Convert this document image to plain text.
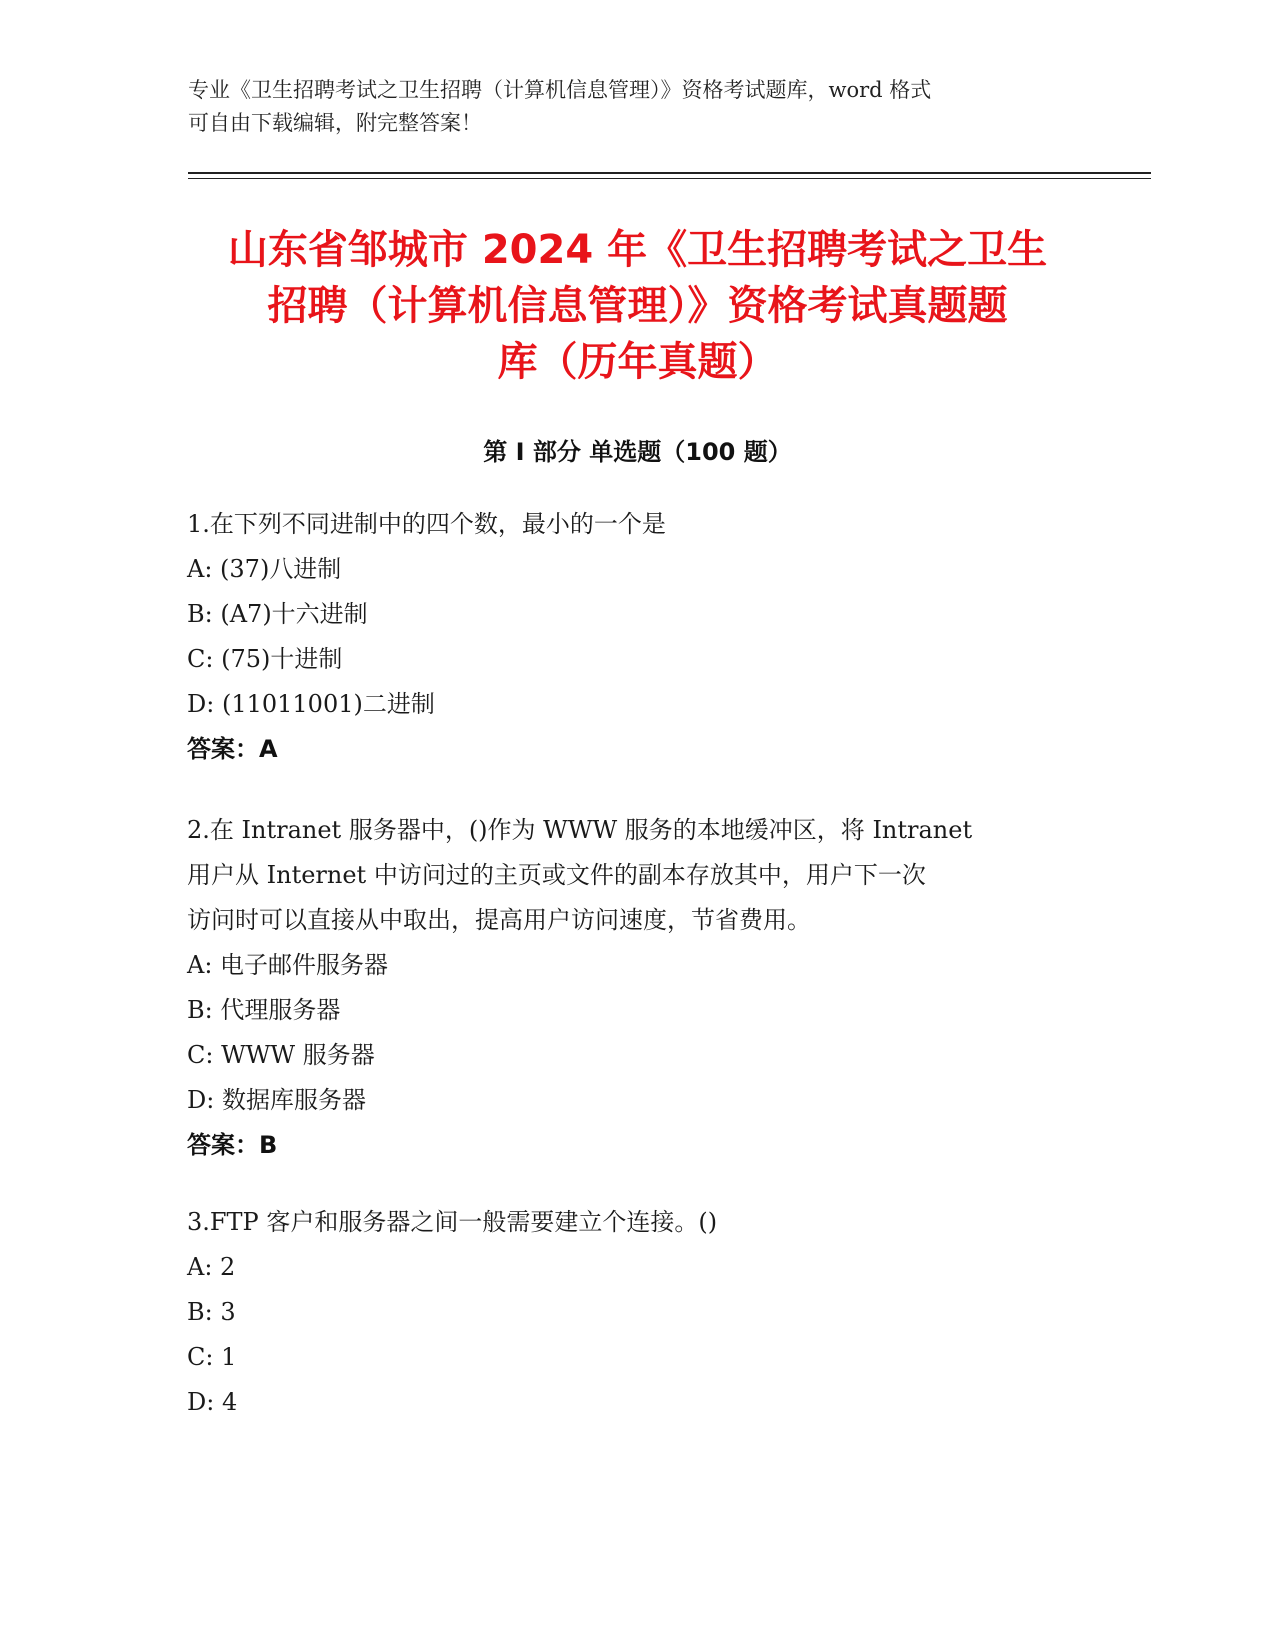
专业《卫生招聘考试之卫生招聘（计算机信息管理）》资格考试题库，word 格式
可自由下载编辑，附完整答案！
山东省邹城市 2024 年《卫生招聘考试之卫生
招聘（计算机信息管理）》资格考试真题题
库（历年真题）
第 I 部分 单选题（100 题）
1.在下列不同进制中的四个数，最小的一个是
A: (37)八进制
B: (A7)十六进制
C: (75)十进制
D: (11011001)二进制
答案：A
2.在 Intranet 服务器中，()作为 WWW 服务的本地缓冲区，将 Intranet
用户从 Internet 中访问过的主页或文件的副本存放其中，用户下一次
访问时可以直接从中取出，提高用户访问速度，节省费用。
A: 电子邮件服务器
B: 代理服务器
C: WWW 服务器
D: 数据库服务器
答案：B
3.FTP 客户和服务器之间一般需要建立个连接。()
A: 2
B: 3
C: 1
D: 4
